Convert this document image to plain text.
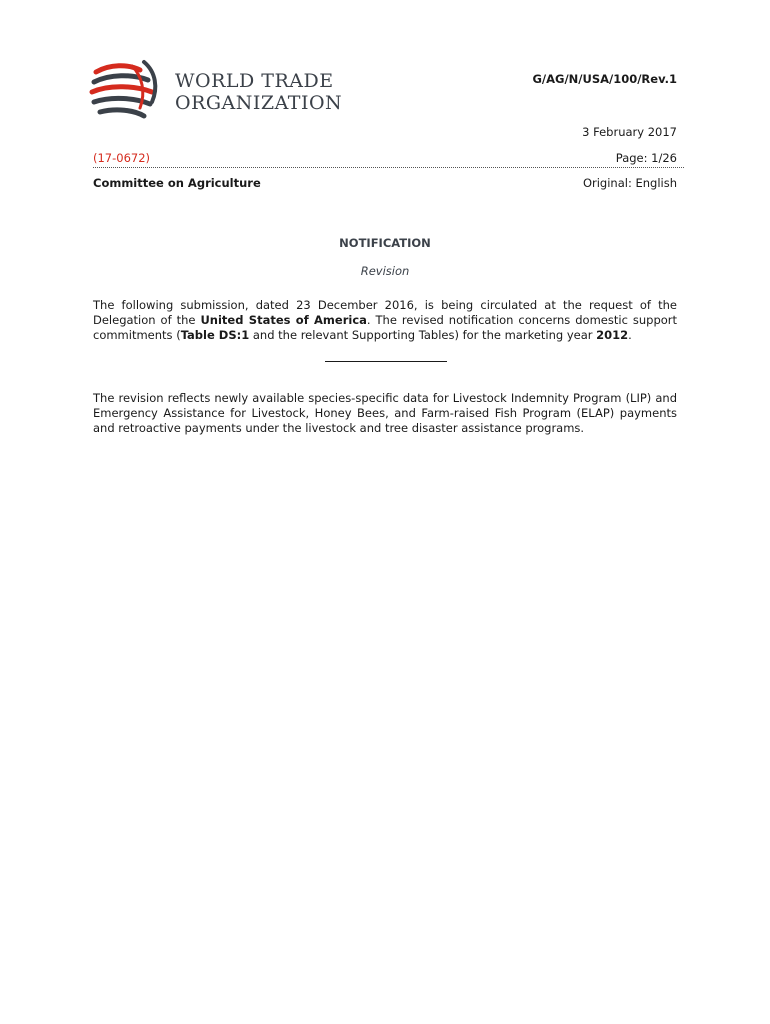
WORLD TRADE
ORGANIZATION
G/AG/N/USA/100/Rev.1
3 February 2017
(17-0672)	Page: 1/26
Committee on Agriculture	Original: English
NOTIFICATION
Revision
The following submission, dated 23 December 2016, is being circulated at the request of the Delegation of the United States of America. The revised notification concerns domestic support commitments (Table DS:1 and the relevant Supporting Tables) for the marketing year 2012.
The revision reflects newly available species-specific data for Livestock Indemnity Program (LIP) and Emergency Assistance for Livestock, Honey Bees, and Farm-raised Fish Program (ELAP) payments and retroactive payments under the livestock and tree disaster assistance programs.
